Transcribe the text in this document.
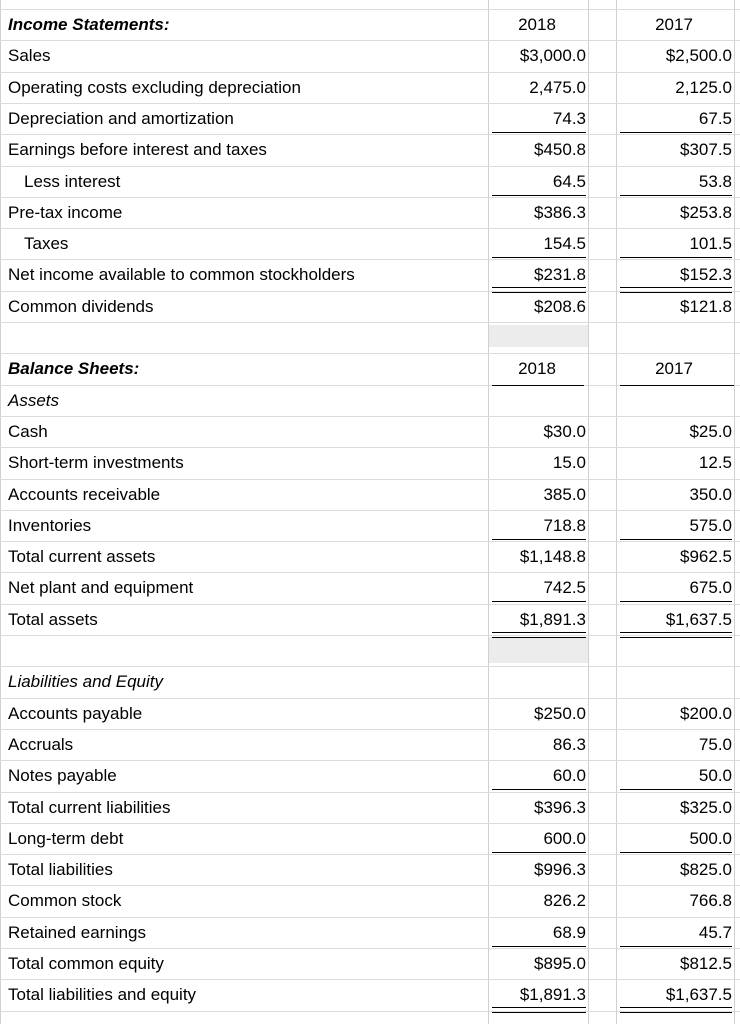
Income Statements:	2018	2017
Sales	$3,000.0	$2,500.0
Operating costs excluding depreciation	2,475.0	2,125.0
Depreciation and amortization	74.3	67.5
Earnings before interest and taxes	$450.8	$307.5
Less interest	64.5	53.8
Pre-tax income	$386.3	$253.8
Taxes	154.5	101.5
Net income available to common stockholders	$231.8	$152.3
Common dividends	$208.6	$121.8
Balance Sheets:	2018	2017
Assets
Cash	$30.0	$25.0
Short-term investments	15.0	12.5
Accounts receivable	385.0	350.0
Inventories	718.8	575.0
Total current assets	$1,148.8	$962.5
Net plant and equipment	742.5	675.0
Total assets	$1,891.3	$1,637.5
Liabilities and Equity
Accounts payable	$250.0	$200.0
Accruals	86.3	75.0
Notes payable	60.0	50.0
Total current liabilities	$396.3	$325.0
Long-term debt	600.0	500.0
Total liabilities	$996.3	$825.0
Common stock	826.2	766.8
Retained earnings	68.9	45.7
Total common equity	$895.0	$812.5
Total liabilities and equity	$1,891.3	$1,637.5
